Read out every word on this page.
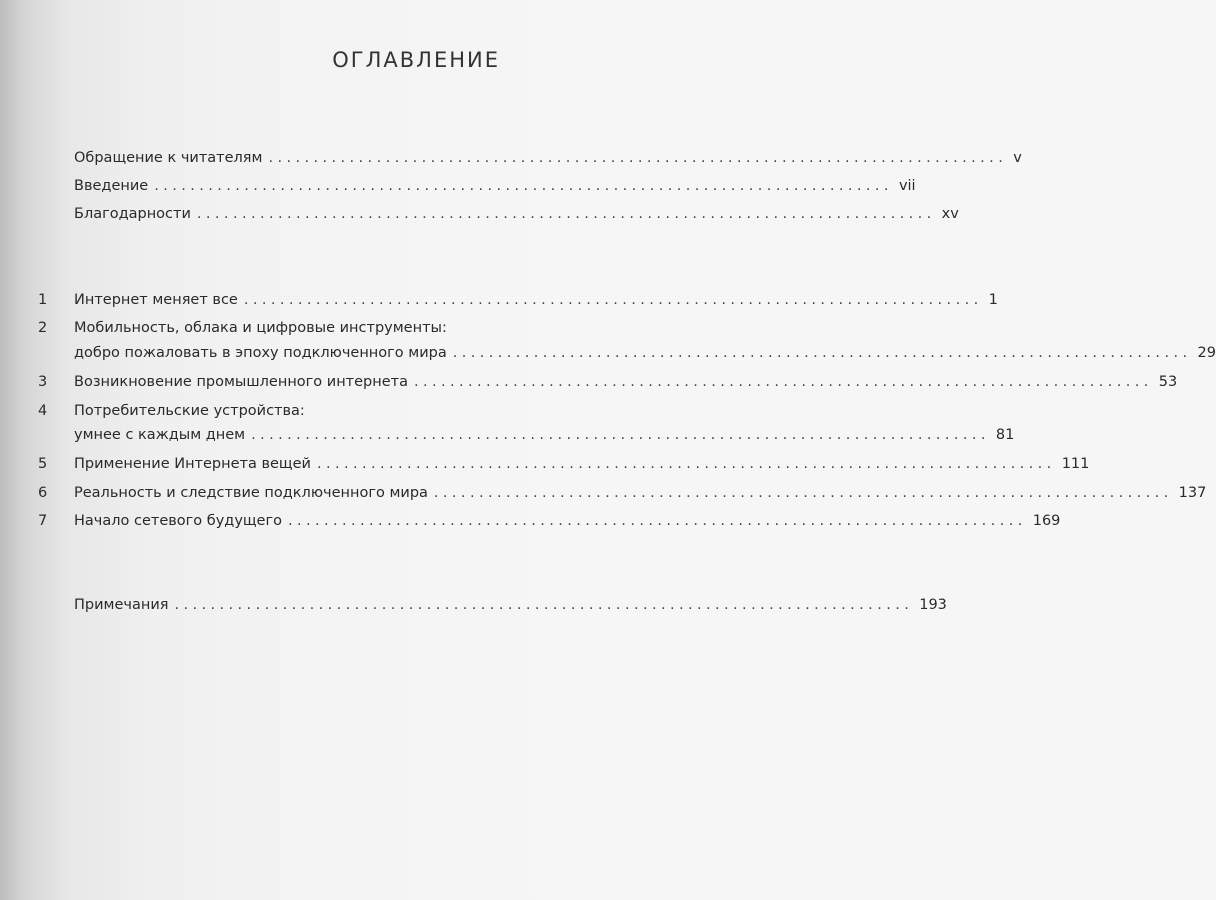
ОГЛАВЛЕНИЕ
Обращение к читателям .................................................................................. v
Введение .................................................................................. vii
Благодарности .................................................................................. xv
1	Интернет меняет все .................................................................................. 1
2	Мобильность, облака и цифровые инструменты:
добро пожаловать в эпоху подключенного мира .................................................................................. 29
3	Возникновение промышленного интернета .................................................................................. 53
4	Потребительские устройства:
умнее с каждым днем .................................................................................. 81
5	Применение Интернета вещей .................................................................................. 111
6	Реальность и следствие подключенного мира .................................................................................. 137
7	Начало сетевого будущего .................................................................................. 169
Примечания .................................................................................. 193
